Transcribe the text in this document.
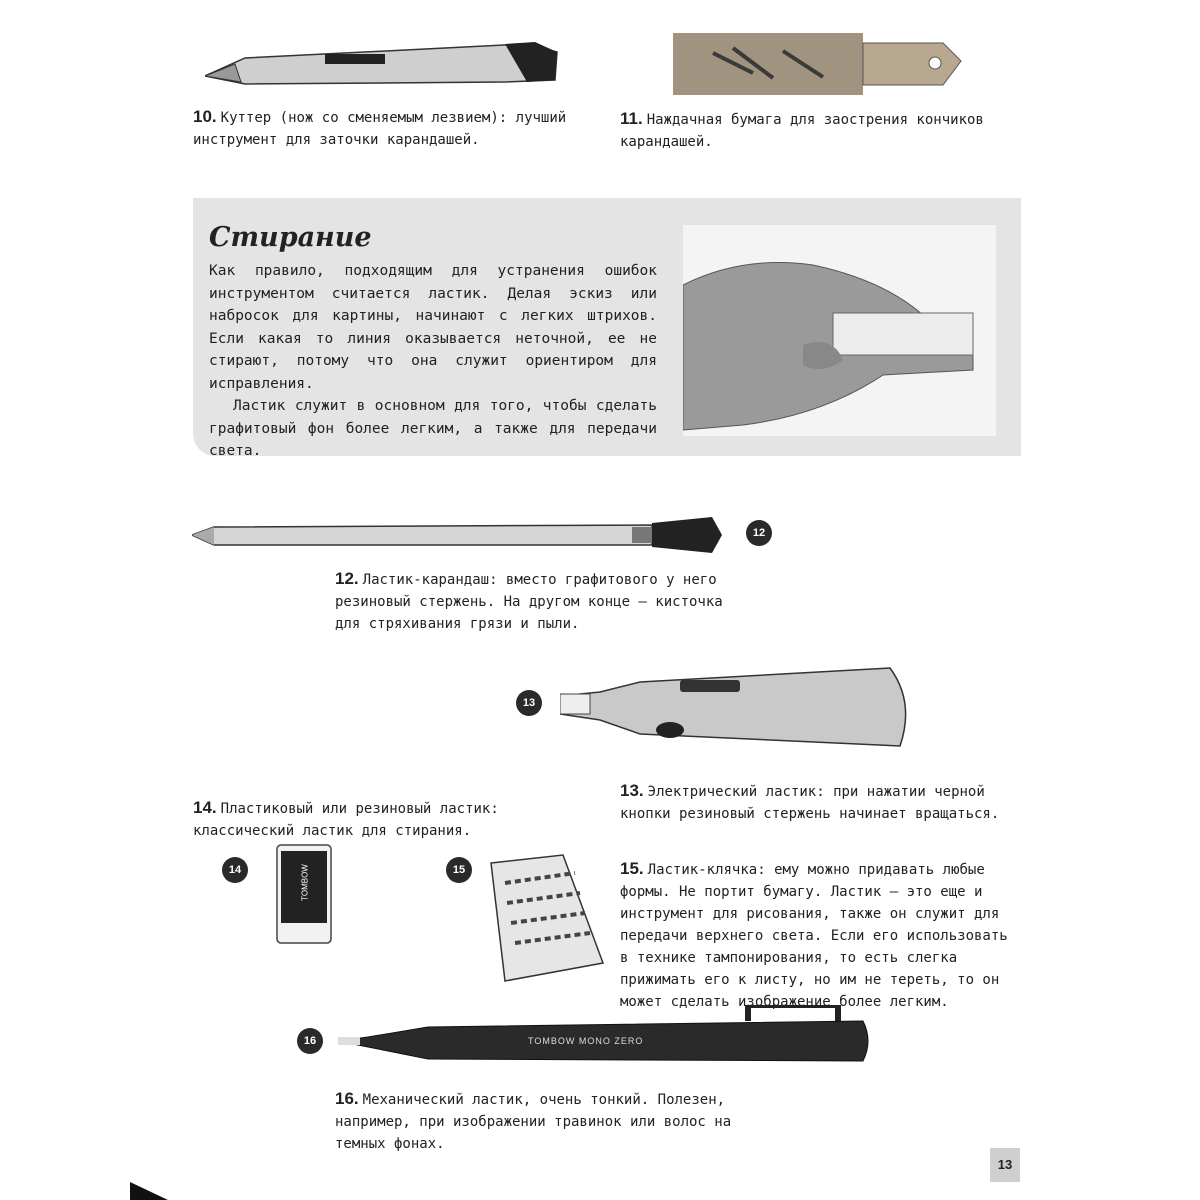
10. Куттер (нож со сменяемым лезвием): лучший инструмент для заточки карандашей.
11. Наждачная бумага для заострения кончиков карандашей.
Стирание

Как правило, подходящим для устранения ошибок инструментом считается ластик. Делая эскиз или набросок для картины, начинают с легких штрихов. Если какая то линия оказывается неточной, ее не стирают, потому что она служит ориентиром для исправления.

Ластик служит в основном для того, чтобы сделать графитовый фон более легким, а также для передачи света.

12
12. Ластик-карандаш: вместо графитового у него резиновый стержень. На другом конце — кисточка для стряхивания грязи и пыли.
13
13. Электрический ластик: при нажатии черной кнопки резиновый стержень начинает вращаться.
14. Пластиковый или резиновый ластик: классический ластик для стирания.
14	TOMBOW	15	15. Ластик-клячка: ему можно придавать любые формы. Не портит бумагу. Ластик — это еще и инструмент для рисования, также он служит для передачи верхнего света. Если его использовать в технике тампонирования, то есть слегка прижимать его к листу, но им не тереть, то он может сделать изображение более легким.
16	TOMBOW MONO ZERO
16. Механический ластик, очень тонкий. Полезен, например, при изображении травинок или волос на темных фонах.
13
